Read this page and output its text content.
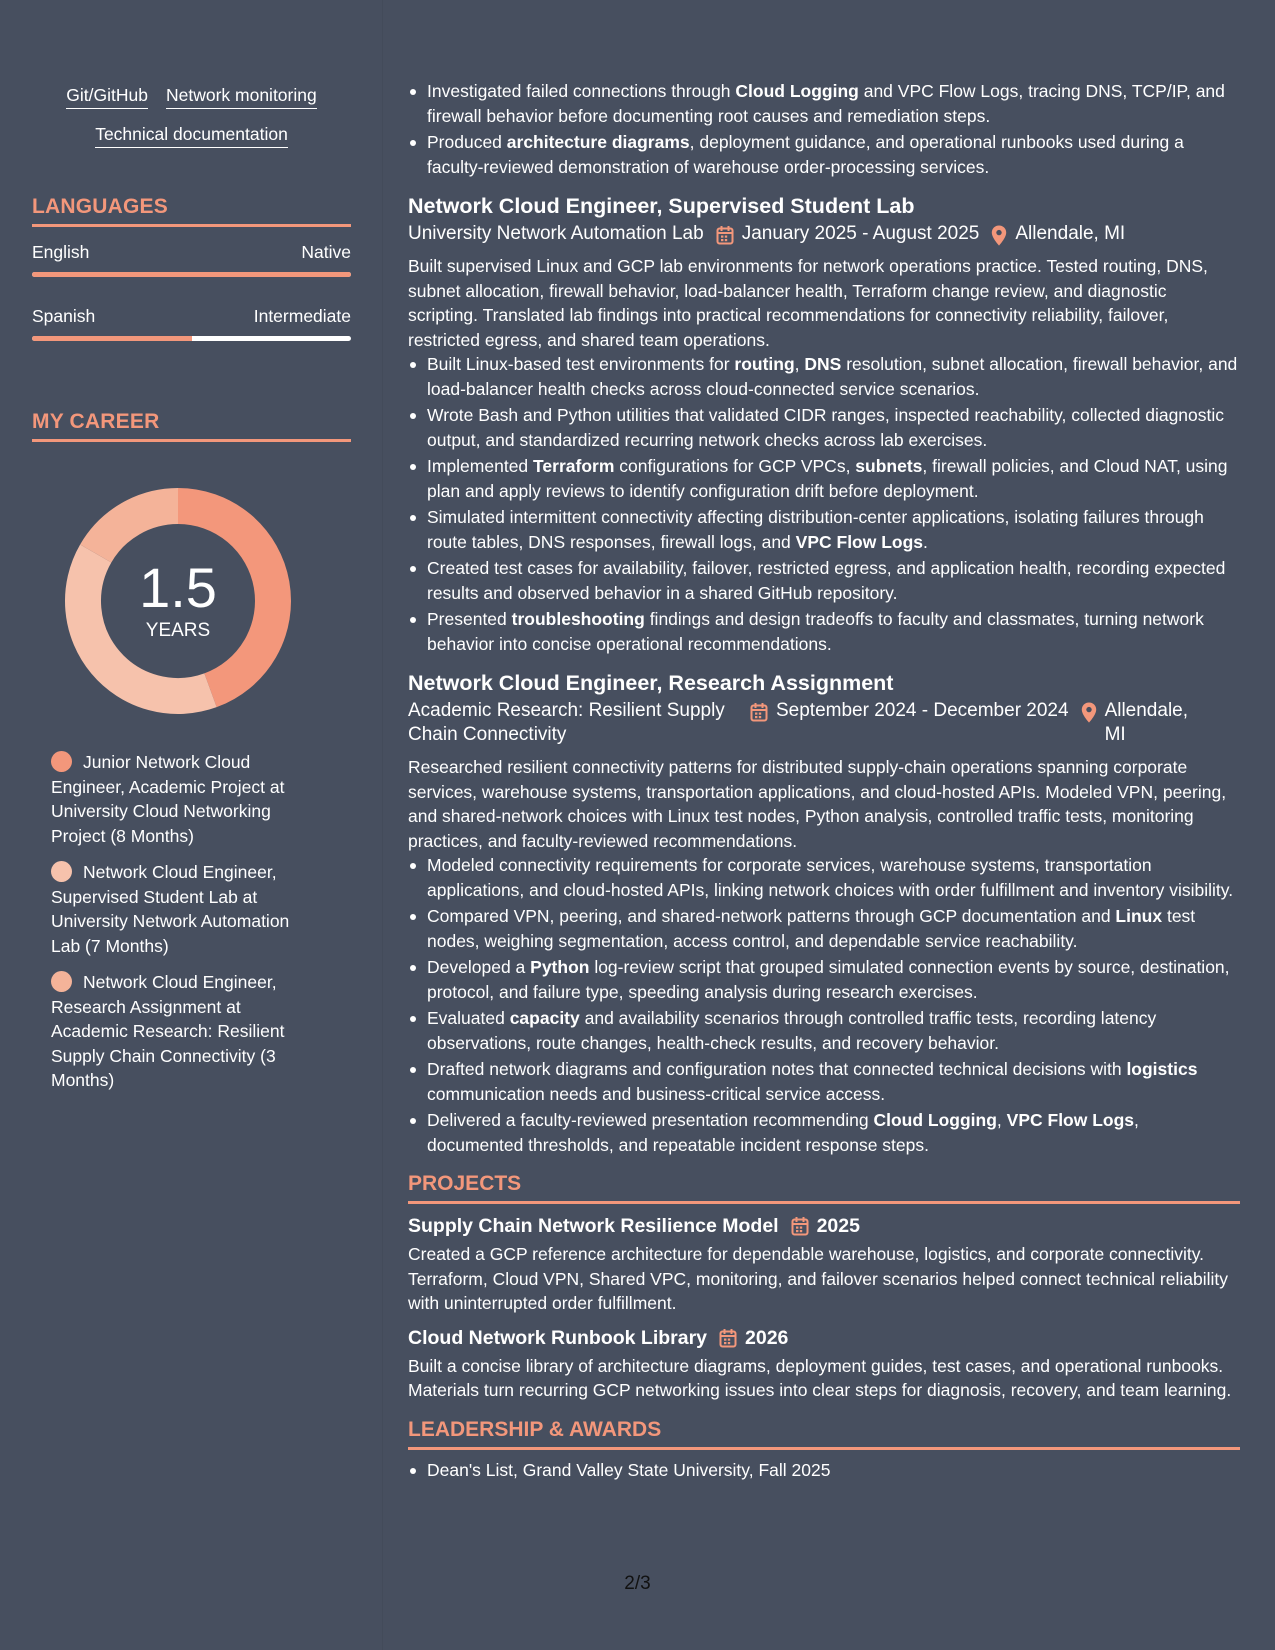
Git/GitHub Network monitoring
Technical documentation
LANGUAGES
English	Native
Spanish	Intermediate
MY CAREER
1.5
YEARS
Junior Network Cloud Engineer, Academic Project at University Cloud Networking Project (8 Months)
Network Cloud Engineer, Supervised Student Lab at University Network Automation Lab (7 Months)
Network Cloud Engineer, Research Assignment at Academic Research: Resilient Supply Chain Connectivity (3 Months)
Investigated failed connections through Cloud Logging and VPC Flow Logs, tracing DNS, TCP/IP, and firewall behavior before documenting root causes and remediation steps.
Produced architecture diagrams, deployment guidance, and operational runbooks used during a faculty-reviewed demonstration of warehouse order-processing services.
Network Cloud Engineer, Supervised Student Lab
University Network Automation Lab January 2025 - August 2025 Allendale, MI
Built supervised Linux and GCP lab environments for network operations practice. Tested routing, DNS, subnet allocation, firewall behavior, load-balancer health, Terraform change review, and diagnostic scripting. Translated lab findings into practical recommendations for connectivity reliability, failover, restricted egress, and shared team operations.
Built Linux-based test environments for routing, DNS resolution, subnet allocation, firewall behavior, and load-balancer health checks across cloud-connected service scenarios.
Wrote Bash and Python utilities that validated CIDR ranges, inspected reachability, collected diagnostic output, and standardized recurring network checks across lab exercises.
Implemented Terraform configurations for GCP VPCs, subnets, firewall policies, and Cloud NAT, using plan and apply reviews to identify configuration drift before deployment.
Simulated intermittent connectivity affecting distribution-center applications, isolating failures through route tables, DNS responses, firewall logs, and VPC Flow Logs.
Created test cases for availability, failover, restricted egress, and application health, recording expected results and observed behavior in a shared GitHub repository.
Presented troubleshooting findings and design tradeoffs to faculty and classmates, turning network behavior into concise operational recommendations.
Network Cloud Engineer, Research Assignment
Academic Research: Resilient Supply Chain Connectivity
September 2024 - December 2024 Allendale, MI
Researched resilient connectivity patterns for distributed supply-chain operations spanning corporate services, warehouse systems, transportation applications, and cloud-hosted APIs. Modeled VPN, peering, and shared-network choices with Linux test nodes, Python analysis, controlled traffic tests, monitoring practices, and faculty-reviewed recommendations.
Modeled connectivity requirements for corporate services, warehouse systems, transportation applications, and cloud-hosted APIs, linking network choices with order fulfillment and inventory visibility.
Compared VPN, peering, and shared-network patterns through GCP documentation and Linux test nodes, weighing segmentation, access control, and dependable service reachability.
Developed a Python log-review script that grouped simulated connection events by source, destination, protocol, and failure type, speeding analysis during research exercises.
Evaluated capacity and availability scenarios through controlled traffic tests, recording latency observations, route changes, health-check results, and recovery behavior.
Drafted network diagrams and configuration notes that connected technical decisions with logistics communication needs and business-critical service access.
Delivered a faculty-reviewed presentation recommending Cloud Logging, VPC Flow Logs, documented thresholds, and repeatable incident response steps.
PROJECTS
Supply Chain Network Resilience Model 2025
Created a GCP reference architecture for dependable warehouse, logistics, and corporate connectivity. Terraform, Cloud VPN, Shared VPC, monitoring, and failover scenarios helped connect technical reliability with uninterrupted order fulfillment.
Cloud Network Runbook Library 2026
Built a concise library of architecture diagrams, deployment guides, test cases, and operational runbooks. Materials turn recurring GCP networking issues into clear steps for diagnosis, recovery, and team learning.
LEADERSHIP & AWARDS
Dean's List, Grand Valley State University, Fall 2025
2/3
